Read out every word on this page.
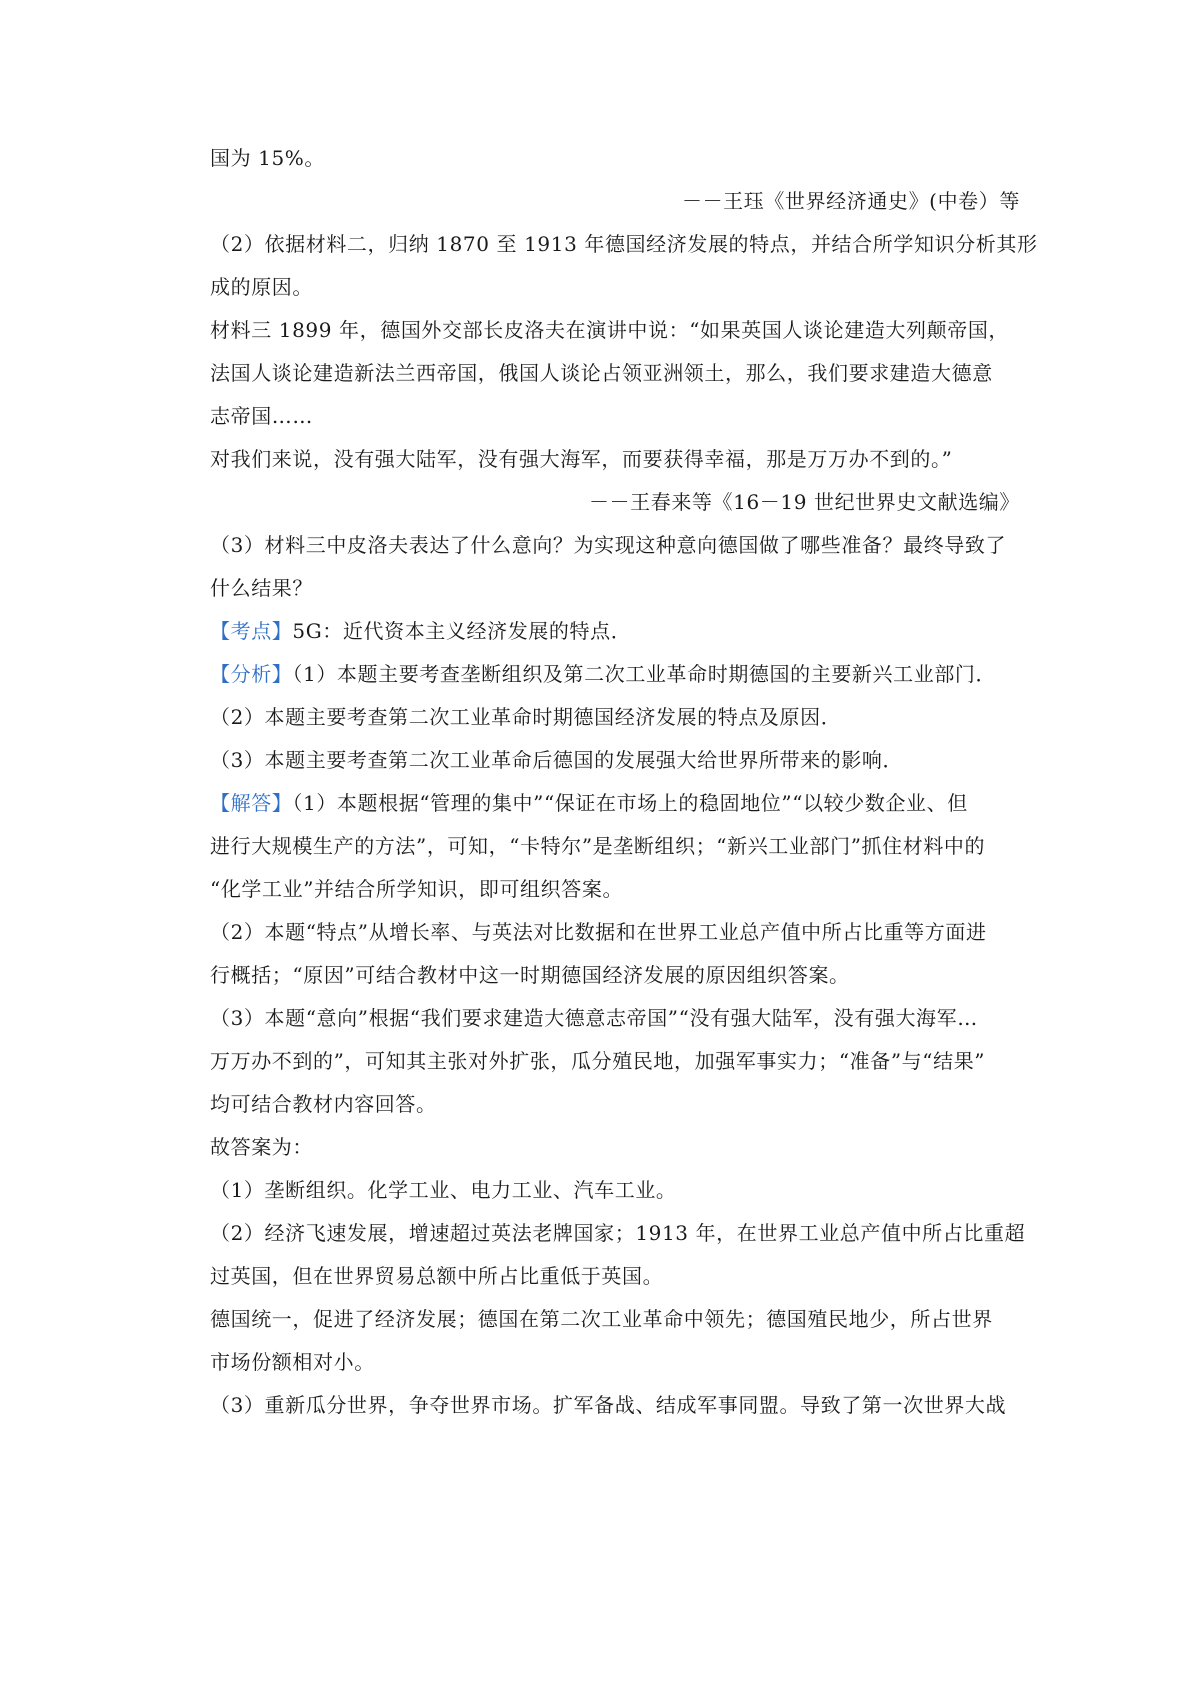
国为 15%。
－－王珏《世界经济通史》(中卷）等
（2）依据材料二，归纳 1870 至 1913 年德国经济发展的特点，并结合所学知识分析其形
成的原因。
材料三 1899 年，德国外交部长皮洛夫在演讲中说：“如果英国人谈论建造大列颠帝国，
法国人谈论建造新法兰西帝国，俄国人谈论占领亚洲领土，那么，我们要求建造大德意
志帝国……
对我们来说，没有强大陆军，没有强大海军，而要获得幸福，那是万万办不到的。”
－－王春来等《16－19 世纪世界史文献选编》
（3）材料三中皮洛夫表达了什么意向？为实现这种意向德国做了哪些准备？最终导致了
什么结果？
【考点】5G：近代资本主义经济发展的特点．
【分析】（1）本题主要考查垄断组织及第二次工业革命时期德国的主要新兴工业部门．
（2）本题主要考查第二次工业革命时期德国经济发展的特点及原因．
（3）本题主要考查第二次工业革命后德国的发展强大给世界所带来的影响．
【解答】（1）本题根据“管理的集中”“保证在市场上的稳固地位”“以较少数企业、但
进行大规模生产的方法”，可知，“卡特尔”是垄断组织；“新兴工业部门”抓住材料中的
“化学工业”并结合所学知识，即可组织答案。
（2）本题“特点”从增长率、与英法对比数据和在世界工业总产值中所占比重等方面进
行概括；“原因”可结合教材中这一时期德国经济发展的原因组织答案。
（3）本题“意向”根据“我们要求建造大德意志帝国”“没有强大陆军，没有强大海军…
万万办不到的”，可知其主张对外扩张，瓜分殖民地，加强军事实力；“准备”与“结果”
均可结合教材内容回答。
故答案为：
（1）垄断组织。化学工业、电力工业、汽车工业。
（2）经济飞速发展，增速超过英法老牌国家；1913 年，在世界工业总产值中所占比重超
过英国，但在世界贸易总额中所占比重低于英国。
德国统一，促进了经济发展；德国在第二次工业革命中领先；德国殖民地少，所占世界
市场份额相对小。
（3）重新瓜分世界，争夺世界市场。扩军备战、结成军事同盟。导致了第一次世界大战
